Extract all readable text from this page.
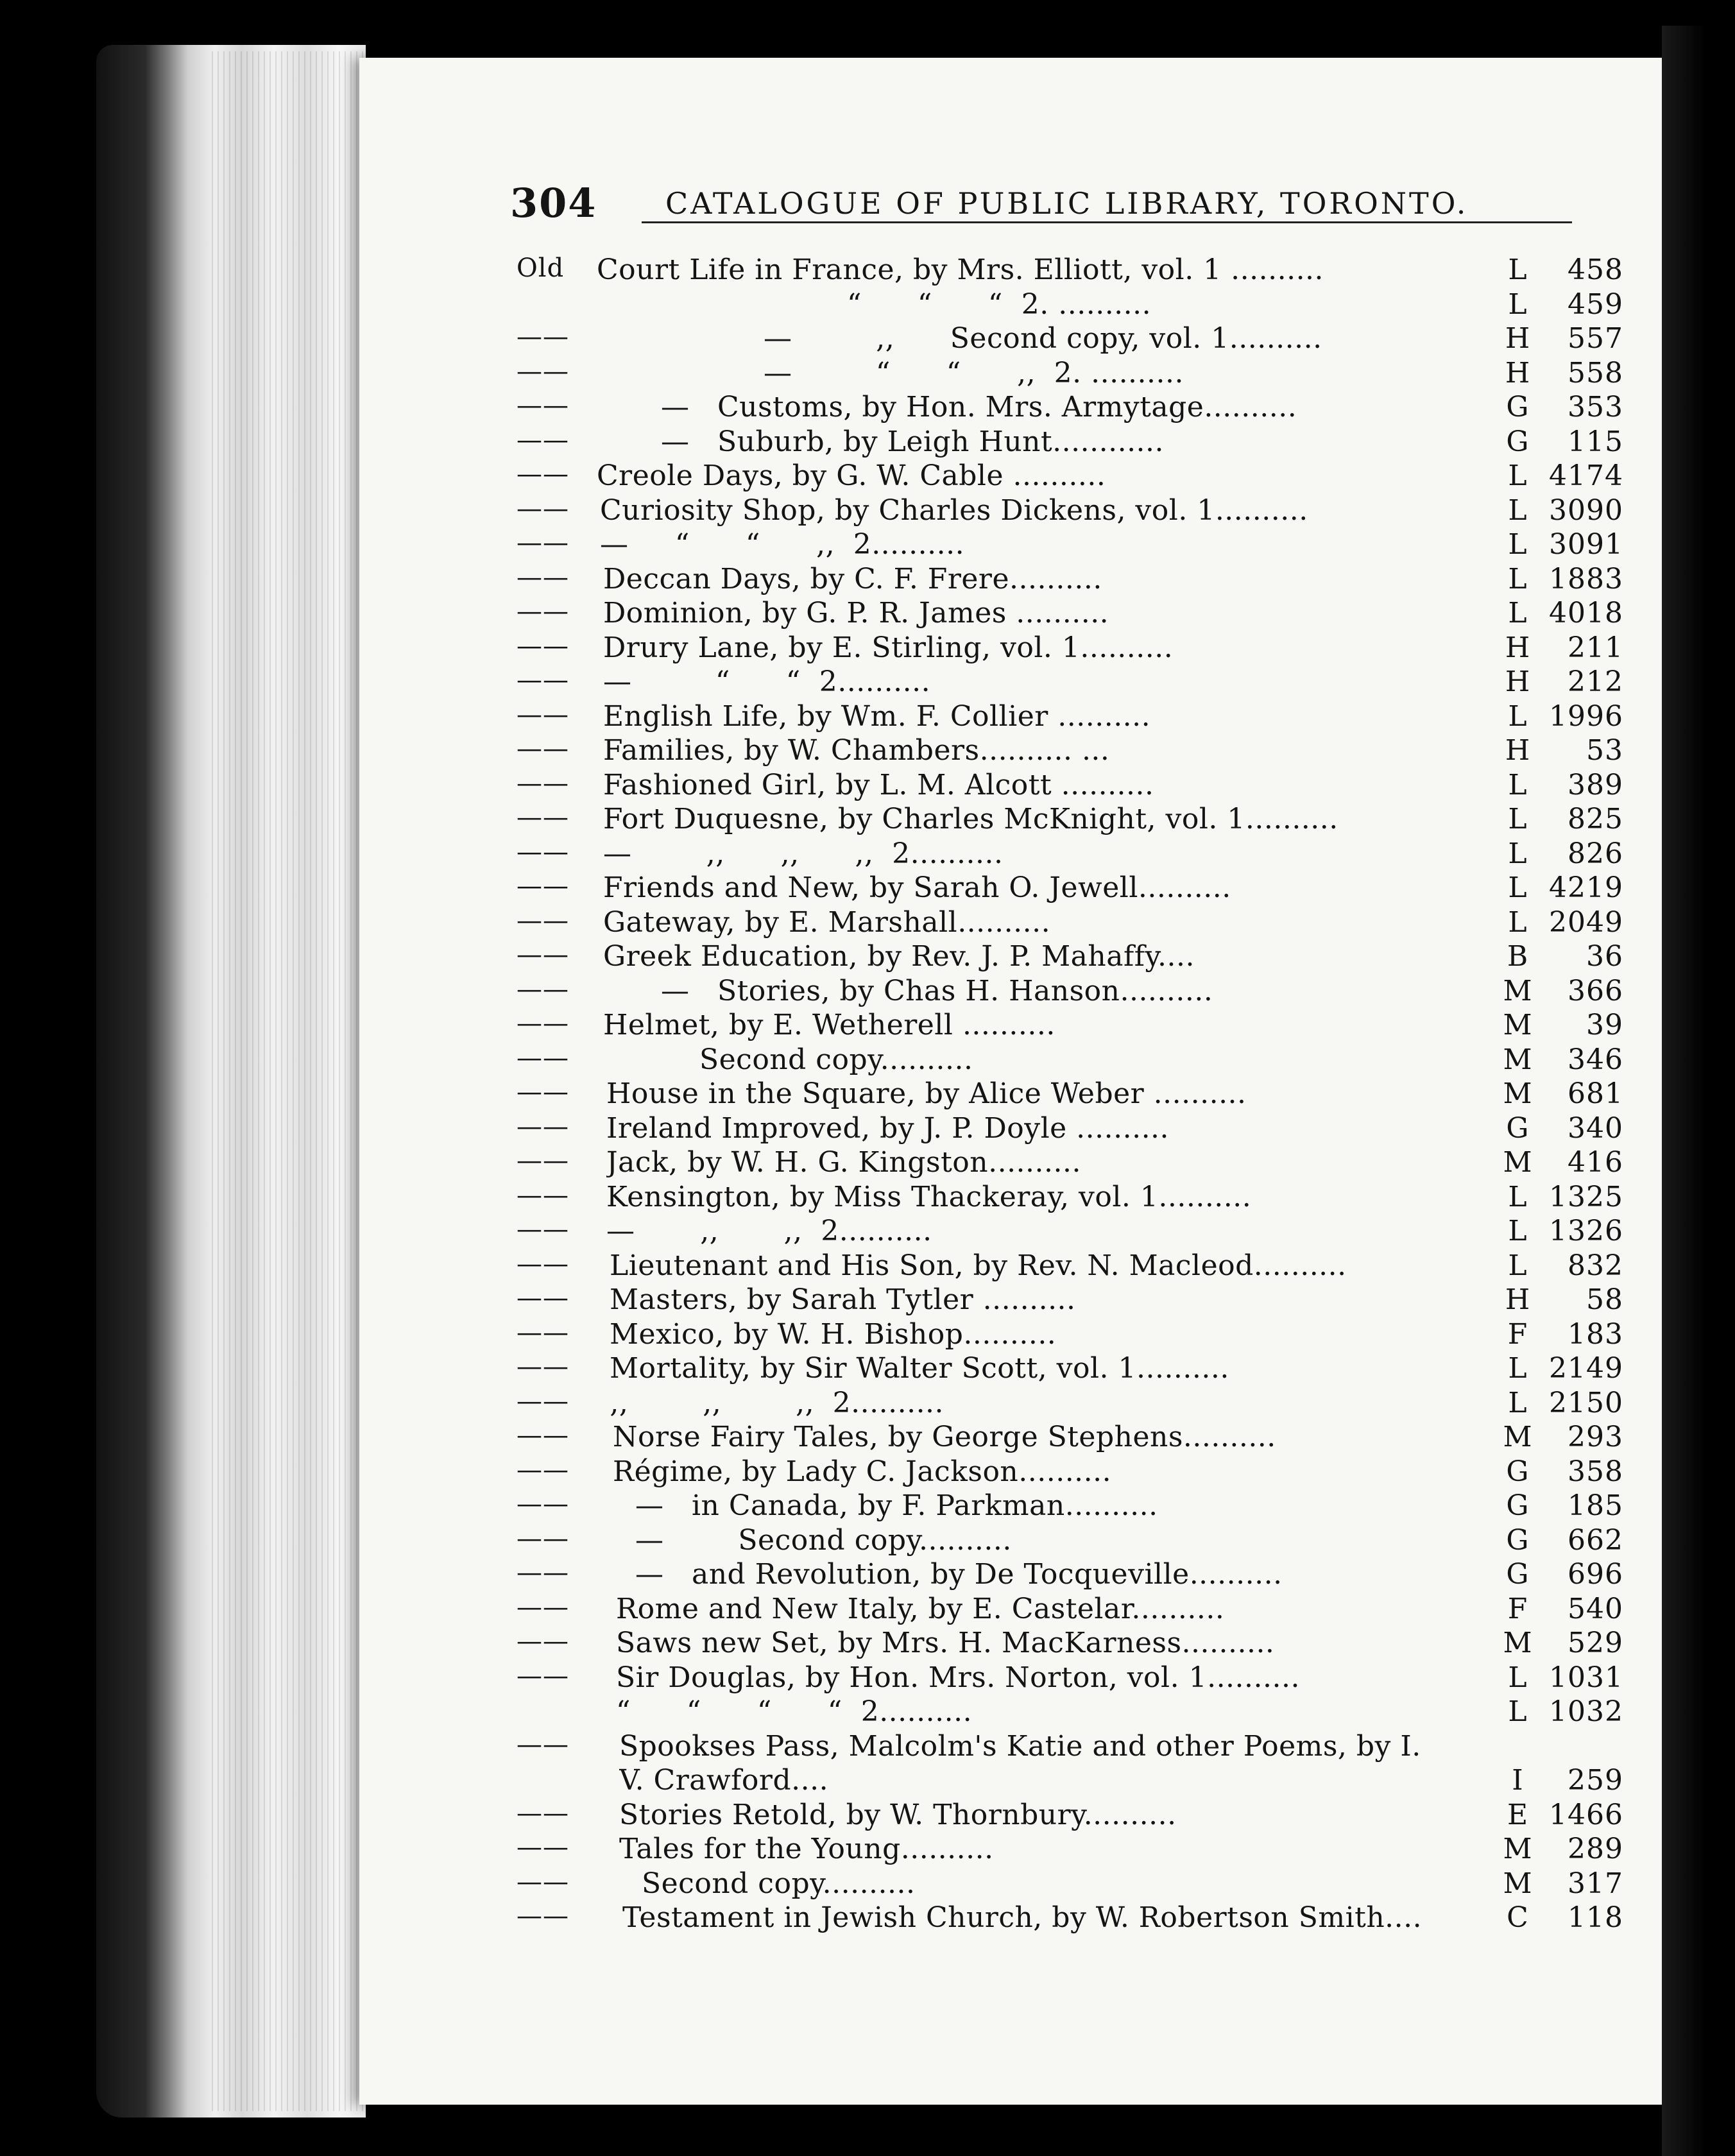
304 CATALOGUE OF PUBLIC LIBRARY, TORONTO.
Old	Court Life in France, by Mrs. Elliott, vol. 1 ..........	L	458
“      “      “  2. ..........	L	459
——	—         ‚‚      Second copy, vol. 1..........	H	557
——	—         “      “      ‚‚  2. ..........	H	558
——	—   Customs, by Hon. Mrs. Armytage..........	G	353
——	—   Suburb, by Leigh Hunt............	G	115
—— Creole Days, by G. W. Cable ..........	L 4174
—— Curiosity Shop, by Charles Dickens, vol. 1..........	L 3090
—— —     “      “      ‚‚  2..........	L 3091
—— Deccan Days, by C. F. Frere..........	L 1883
—— Dominion, by G. P. R. James ..........	L 4018
—— Drury Lane, by E. Stirling, vol. 1..........	H	211
—— —         “      “  2..........	H	212
—— English Life, by Wm. F. Collier ..........	L 1996
—— Families, by W. Chambers.......... ...	H	53
—— Fashioned Girl, by L. M. Alcott ..........	L	389
—— Fort Duquesne, by Charles McKnight, vol. 1..........	L	825
—— —        ‚‚      ‚‚      ‚‚  2..........	L	826
—— Friends and New, by Sarah O. Jewell..........	L 4219
—— Gateway, by E. Marshall..........	L 2049
—— Greek Education, by Rev. J. P. Mahaffy....	B	36
——	—   Stories, by Chas H. Hanson..........	M	366
—— Helmet, by E. Wetherell ..........	M	39
——	Second copy..........	M	346
—— House in the Square, by Alice Weber ..........	M	681
—— Ireland Improved, by J. P. Doyle ..........	G	340
—— Jack, by W. H. G. Kingston..........	M	416
—— Kensington, by Miss Thackeray, vol. 1..........	L 1325
—— —       ‚‚       ‚‚  2..........	L 1326
—— Lieutenant and His Son, by Rev. N. Macleod..........	L	832
—— Masters, by Sarah Tytler ..........	H	58
—— Mexico, by W. H. Bishop..........	F	183
—— Mortality, by Sir Walter Scott, vol. 1..........	L 2149
—— ‚‚        ‚‚        ‚‚  2..........	L 2150
—— Norse Fairy Tales, by George Stephens..........	M	293
—— Régime, by Lady C. Jackson..........	G	358
—— —   in Canada, by F. Parkman..........	G	185
—— —        Second copy..........	G	662
—— —   and Revolution, by De Tocqueville..........	G	696
—— Rome and New Italy, by E. Castelar..........	F	540
—— Saws new Set, by Mrs. H. MacKarness..........	M	529
—— Sir Douglas, by Hon. Mrs. Norton, vol. 1..........	L 1031
“      “      “      “  2..........	L 1032
—— Spookses Pass, Malcolm's Katie and other Poems, by I.
V. Crawford....	I	259
—— Stories Retold, by W. Thornbury..........	E 1466
—— Tales for the Young..........	M	289
——	Second copy..........	M	317
—— Testament in Jewish Church, by W. Robertson Smith....	C	118
